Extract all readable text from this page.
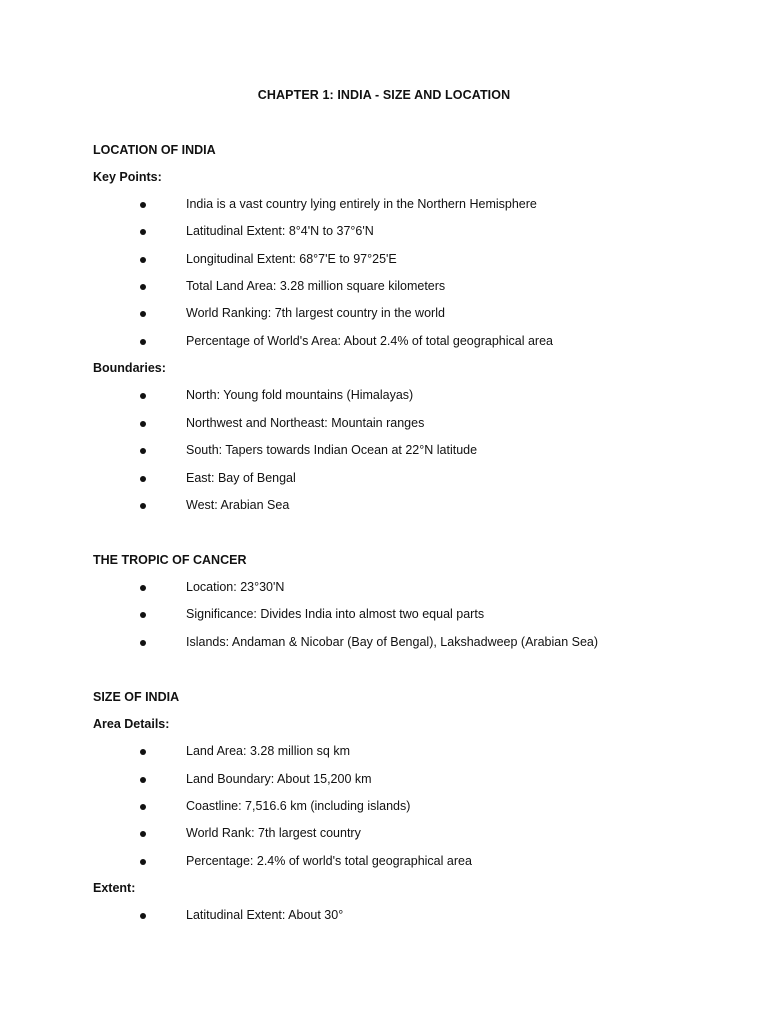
CHAPTER 1: INDIA - SIZE AND LOCATION
LOCATION OF INDIA
Key Points:
India is a vast country lying entirely in the Northern Hemisphere
Latitudinal Extent: 8°4'N to 37°6'N
Longitudinal Extent: 68°7'E to 97°25'E
Total Land Area: 3.28 million square kilometers
World Ranking: 7th largest country in the world
Percentage of World's Area: About 2.4% of total geographical area
Boundaries:
North: Young fold mountains (Himalayas)
Northwest and Northeast: Mountain ranges
South: Tapers towards Indian Ocean at 22°N latitude
East: Bay of Bengal
West: Arabian Sea
THE TROPIC OF CANCER
Location: 23°30'N
Significance: Divides India into almost two equal parts
Islands: Andaman & Nicobar (Bay of Bengal), Lakshadweep (Arabian Sea)
SIZE OF INDIA
Area Details:
Land Area: 3.28 million sq km
Land Boundary: About 15,200 km
Coastline: 7,516.6 km (including islands)
World Rank: 7th largest country
Percentage: 2.4% of world's total geographical area
Extent:
Latitudinal Extent: About 30°
